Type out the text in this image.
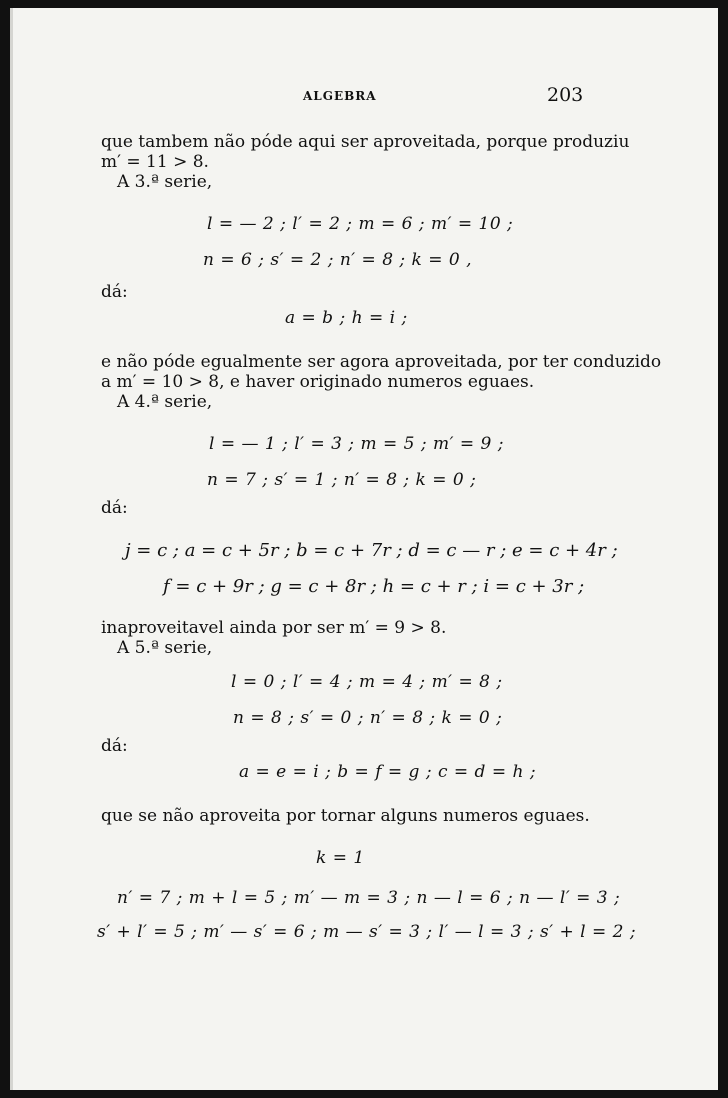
ALGEBRA	203
que tambem não póde aqui ser aproveitada, porque produziu
m′ = 11 > 8.
A 3.ª serie,
l = — 2 ; l′ = 2 ; m = 6 ; m′ = 10 ;
n = 6 ; s′ = 2 ; n′ = 8 ; k = 0 ,
dá:
a = b ; h = i ;
e não póde egualmente ser agora aproveitada, por ter conduzido
a m′ = 10 > 8, e haver originado numeros eguaes.
A 4.ª serie,
l = — 1 ; l′ = 3 ; m = 5 ; m′ = 9 ;
n = 7 ; s′ = 1 ; n′ = 8 ; k = 0 ;
dá:
j = c ; a = c + 5r ; b = c + 7r ; d = c — r ; e = c + 4r ;
f = c + 9r ; g = c + 8r ; h = c + r ; i = c + 3r ;
inaproveitavel ainda por ser m′ = 9 > 8.
A 5.ª serie,
l = 0 ; l′ = 4 ; m = 4 ; m′ = 8 ;
n = 8 ; s′ = 0 ; n′ = 8 ; k = 0 ;
dá:
a = e = i ; b = f = g ; c = d = h ;
que se não aproveita por tornar alguns numeros eguaes.
k = 1
n′ = 7 ; m + l = 5 ; m′ — m = 3 ; n — l = 6 ; n — l′ = 3 ;
s′ + l′ = 5 ; m′ — s′ = 6 ; m — s′ = 3 ; l′ — l = 3 ; s′ + l = 2 ;
